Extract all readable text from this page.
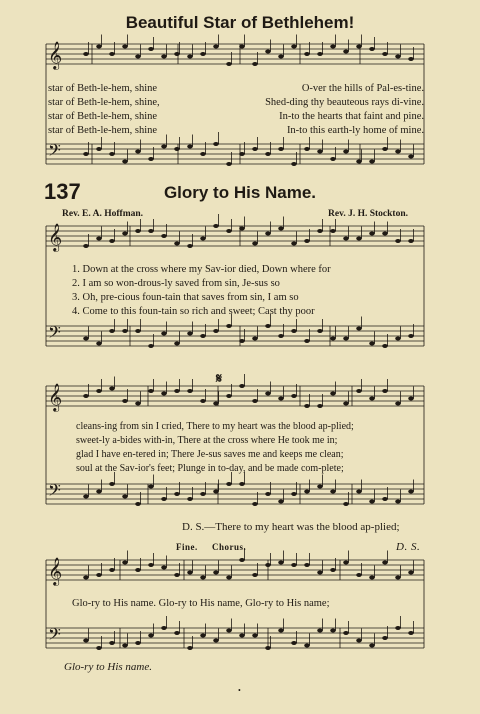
𝄞
𝄢
𝄞
𝄢
𝄞
𝄢
𝄞
𝄢
Beautiful Star of Bethlehem!
star of Beth-le-hem, shine	O-ver the hills of Pal-es-tine.
star of Beth-le-hem, shine,	Shed-ding thy beauteous rays di-vine.
star of Beth-le-hem, shine	In-to the hearts that faint and pine.
star of Beth-le-hem, shine	In-to this earth-ly home of mine.
137	Glory to His Name.
Rev. E. A. Hoffman.	Rev. J. H. Stockton.
1. Down at the cross where my Sav-ior died, Down where for
2. I am so won-drous-ly saved from sin, Je-sus so
3. Oh, pre-cious foun-tain that saves from sin, I am so
4. Come to this foun-tain so rich and sweet; Cast thy poor
cleans-ing from sin I cried, There to my heart was the blood ap-plied;
sweet-ly a-bides with-in, There at the cross where He took me in;
glad I have en-tered in; There Je-sus saves me and keeps me clean;
soul at the Sav-ior's feet; Plunge in to-day, and be made com-plete;
D. S.—There to my heart was the blood ap-plied;
Fine. Chorus.	D. S.
𝄋
Glo-ry to His name. Glo-ry to His name, Glo-ry to His name;
Glo-ry to His name.
•
